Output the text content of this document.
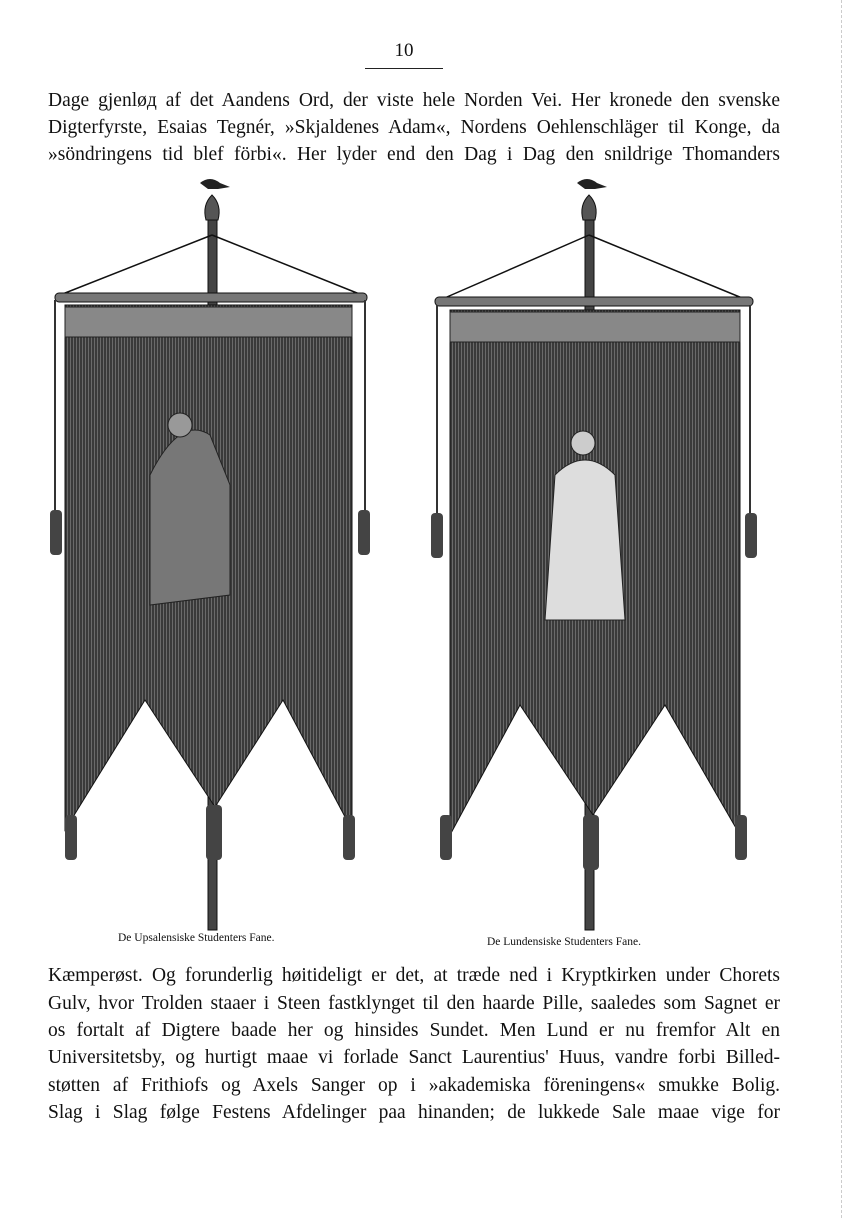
10
Dage gjenløд af det Aandens Ord, der viste hele Norden Vei. Her kronede den svenske
Digterfyrste, Esaias Tegnér, »Skjaldenes Adam«, Nordens Oehlenschläger til Konge, da
»söndringens tid blef förbi«. Her lyder end den Dag i Dag den snildrige Thomanders
De Upsalensiske Studenters Fane.	De Lundensiske Studenters Fane.
Kæmperøst. Og forunderlig høitideligt er det, at træde ned i Kryptkirken under Chorets
Gulv, hvor Trolden staaer i Steen fastklynget til den haarde Pille, saaledes som Sagnet er
os fortalt af Digtere baade her og hinsides Sundet. Men Lund er nu fremfor Alt en
Universitetsby, og hurtigt maae vi forlade Sanct Laurentius' Huus, vandre forbi Billed-
støtten af Frithiofs og Axels Sanger op i »akademiska föreningens« smukke Bolig.
Slag i Slag følge Festens Afdelinger paa hinanden; de lukkede Sale maae vige for
